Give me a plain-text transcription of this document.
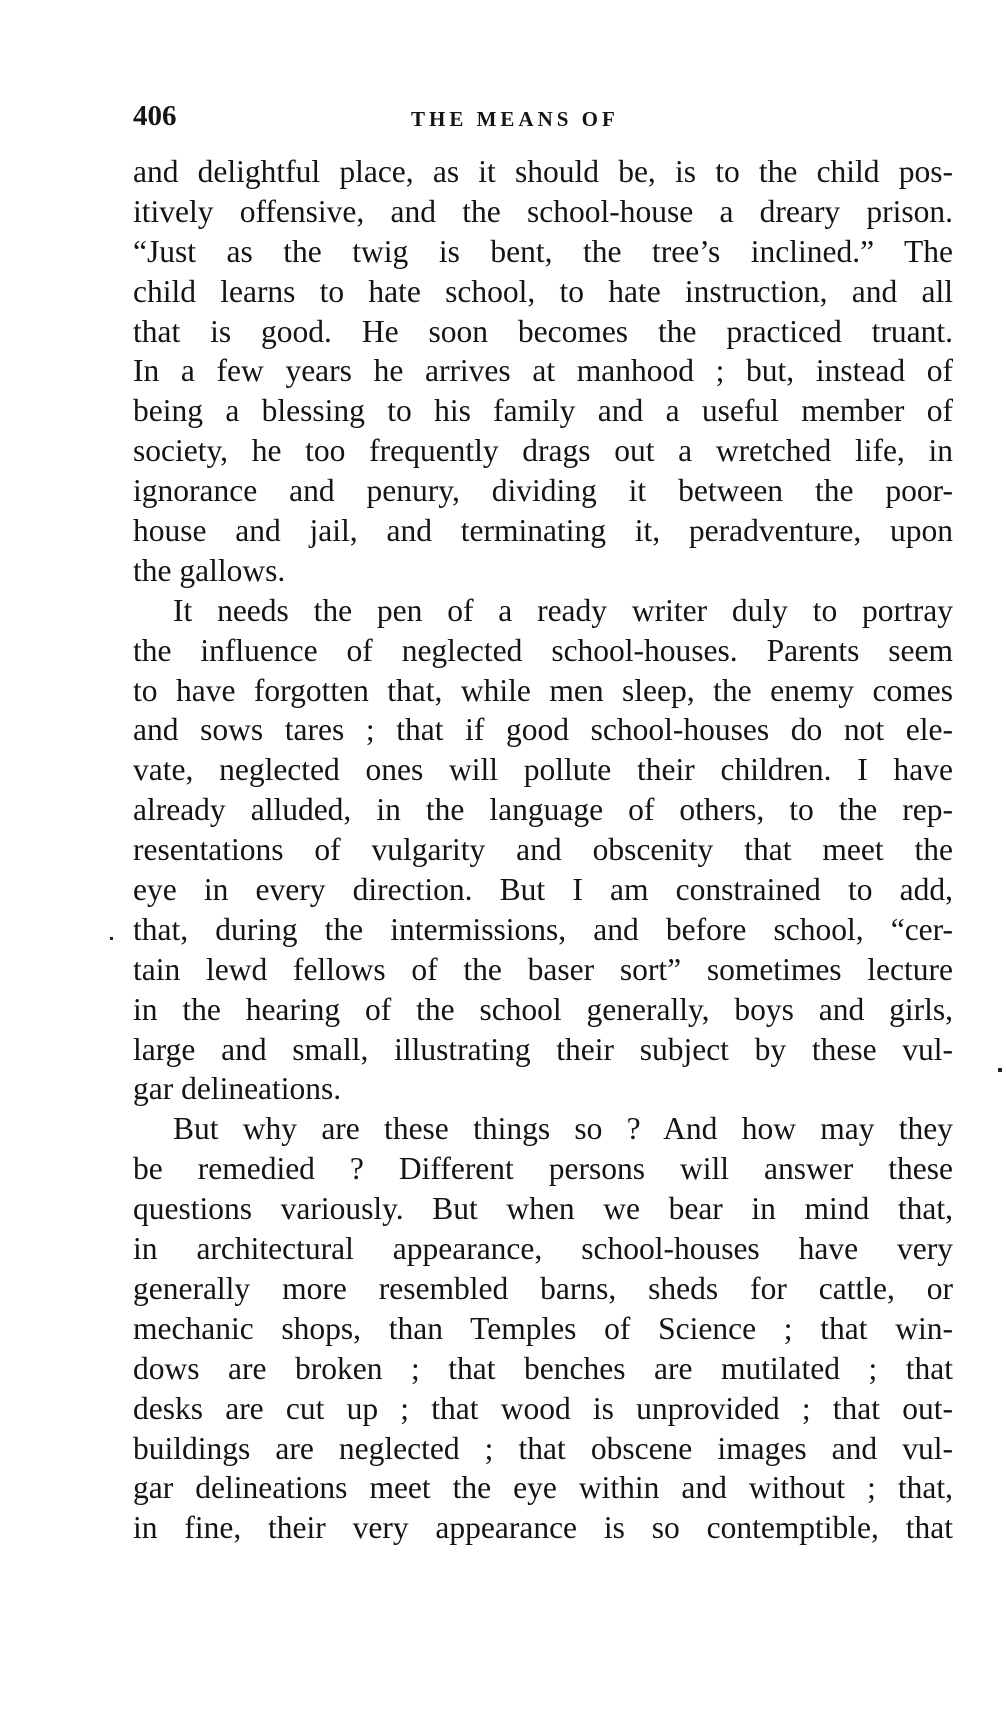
406	THE MEANS OF
and delightful place, as it should be, is to the child pos-
itively offensive, and the school-house a dreary prison.
“Just as the twig is bent, the tree’s inclined.” The
child learns to hate school, to hate instruction, and all
that is good. He soon becomes the practiced truant.
In a few years he arrives at manhood ; but, instead of
being a blessing to his family and a useful member of
society, he too frequently drags out a wretched life, in
ignorance and penury, dividing it between the poor-
house and jail, and terminating it, peradventure, upon
the gallows.
It needs the pen of a ready writer duly to portray
the influence of neglected school-houses. Parents seem
to have forgotten that, while men sleep, the enemy comes
and sows tares ; that if good school-houses do not ele-
vate, neglected ones will pollute their children. I have
already alluded, in the language of others, to the rep-
resentations of vulgarity and obscenity that meet the
eye in every direction. But I am constrained to add,
that, during the intermissions, and before school, “cer-
tain lewd fellows of the baser sort” sometimes lecture
in the hearing of the school generally, boys and girls,
large and small, illustrating their subject by these vul-
gar delineations.
But why are these things so ? And how may they
be remedied ? Different persons will answer these
questions variously. But when we bear in mind that,
in architectural appearance, school-houses have very
generally more resembled barns, sheds for cattle, or
mechanic shops, than Temples of Science ; that win-
dows are broken ; that benches are mutilated ; that
desks are cut up ; that wood is unprovided ; that out-
buildings are neglected ; that obscene images and vul-
gar delineations meet the eye within and without ; that,
in fine, their very appearance is so contemptible, that
